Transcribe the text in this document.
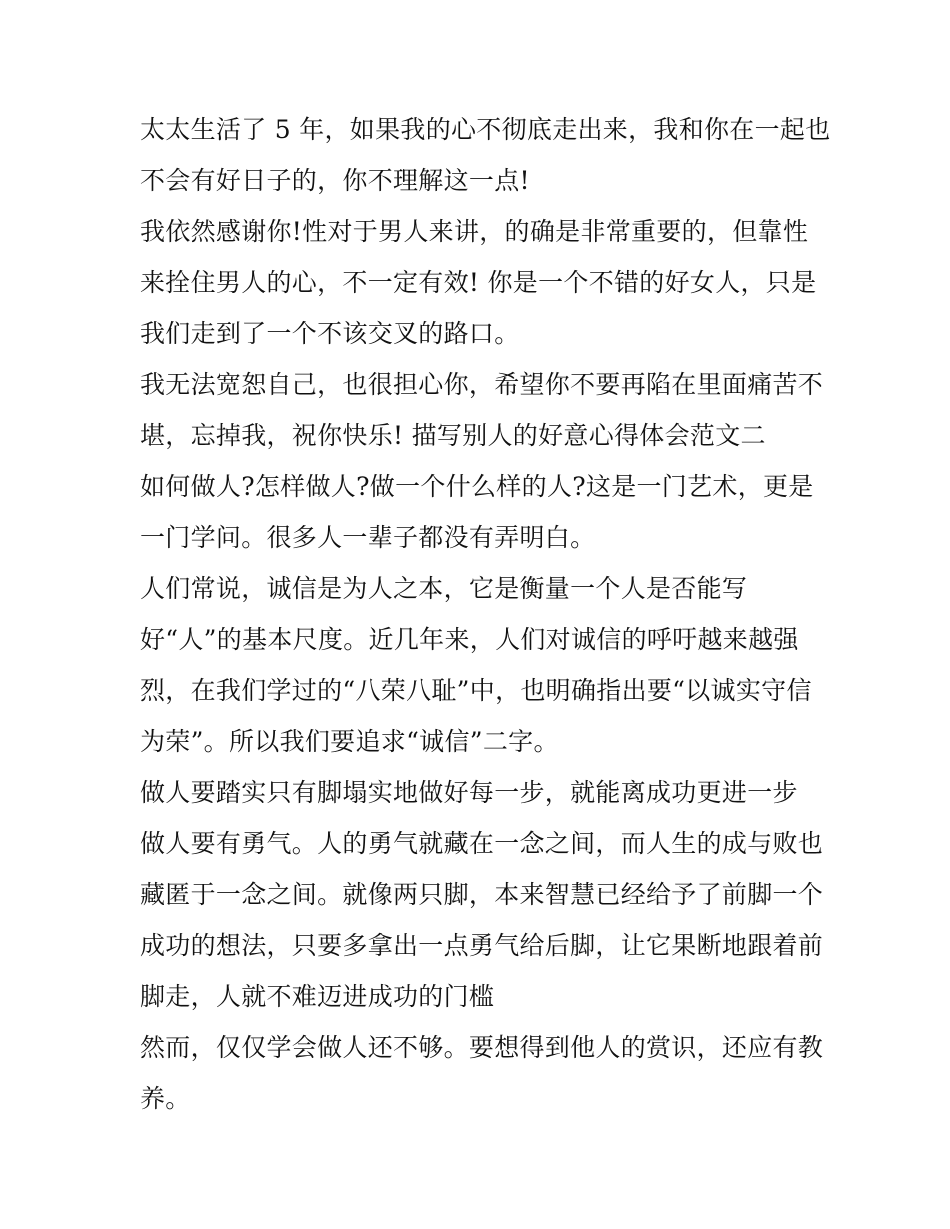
太太生活了 5 年，如果我的心不彻底走出来，我和你在一起也
不会有好日子的，你不理解这一点!
我依然感谢你!性对于男人来讲，的确是非常重要的，但靠性
来拴住男人的心，不一定有效! 你是一个不错的好女人，只是
我们走到了一个不该交叉的路口。
我无法宽恕自己，也很担心你，希望你不要再陷在里面痛苦不
堪，忘掉我，祝你快乐! 描写别人的好意心得体会范文二
如何做人?怎样做人?做一个什么样的人?这是一门艺术，更是
一门学问。很多人一辈子都没有弄明白。
人们常说，诚信是为人之本，它是衡量一个人是否能写
好“人”的基本尺度。近几年来，人们对诚信的呼吁越来越强
烈，在我们学过的“八荣八耻”中，也明确指出要“以诚实守信
为荣”。所以我们要追求“诚信”二字。
做人要踏实只有脚塌实地做好每一步，就能离成功更进一步
做人要有勇气。人的勇气就藏在一念之间，而人生的成与败也
藏匿于一念之间。就像两只脚，本来智慧已经给予了前脚一个
成功的想法，只要多拿出一点勇气给后脚，让它果断地跟着前
脚走，人就不难迈进成功的门槛
然而，仅仅学会做人还不够。要想得到他人的赏识，还应有教
养。
